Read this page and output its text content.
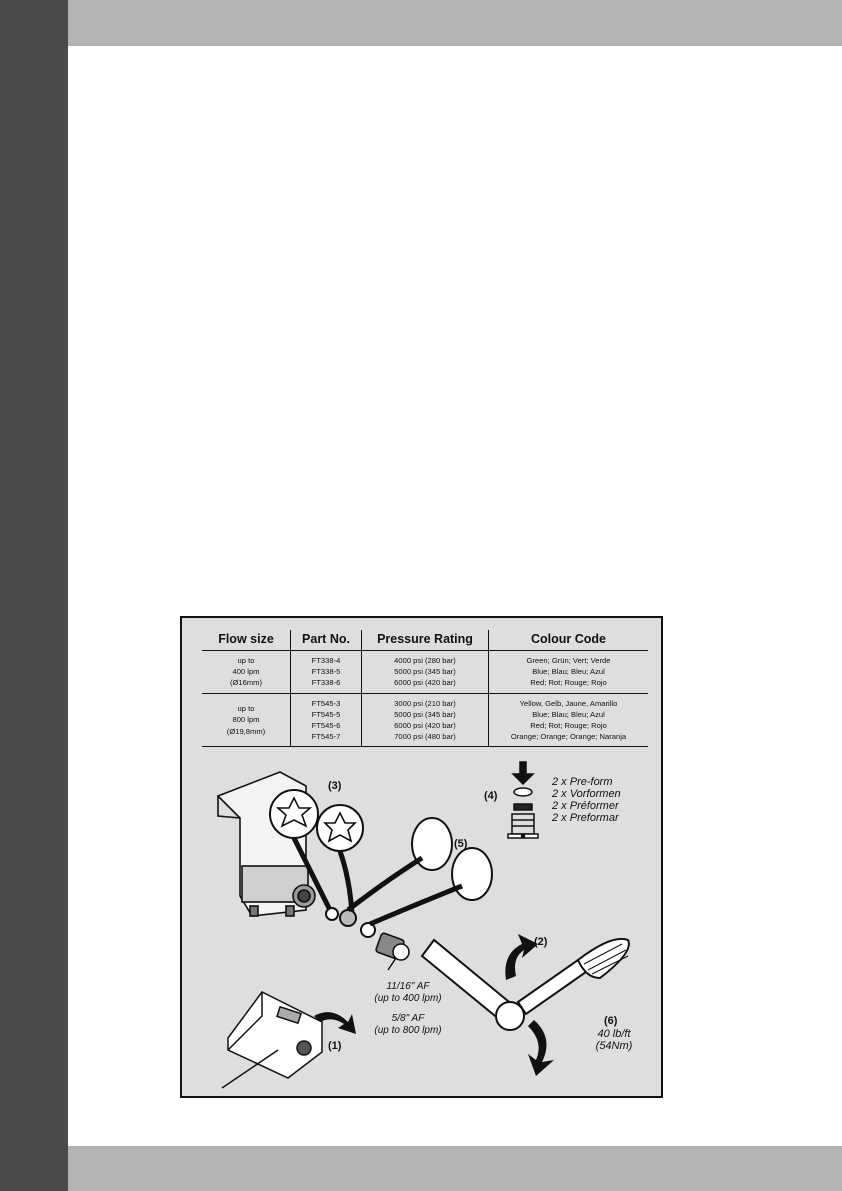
Flow size	Part No.	Pressure Rating	Colour Code

up to
400 lpm
(Ø16mm)	FT338-4
FT338-5
FT338-6	4000 psi (280 bar)
5000 psi (345 bar)
6000 psi (420 bar)	Green; Grün; Vert; Verde
Blue; Blau; Bleu; Azul
Red; Rot; Rouge; Rojo

up to
800 lpm
(Ø19,8mm)	FT545-3
FT545-5
FT545-6
FT545-7	3000 psi (210 bar)
5000 psi (345 bar)
6000 psi (420 bar)
7000 psi (480 bar)	Yellow, Gelb, Jaune, Amarillo
Blue; Blau; Bleu; Azul
Red; Rot; Rouge; Rojo
Orange; Orange; Orange; Naranja
(3)
(4)
(5)
(2)
(6)
(1)
2 x Pre-form
2 x Vorformen
2 x Préformer
2 x Preformar
11/16" AF
(up to 400 lpm)
5/8" AF
(up to 800 lpm)	40 lb/ft
(54Nm)
